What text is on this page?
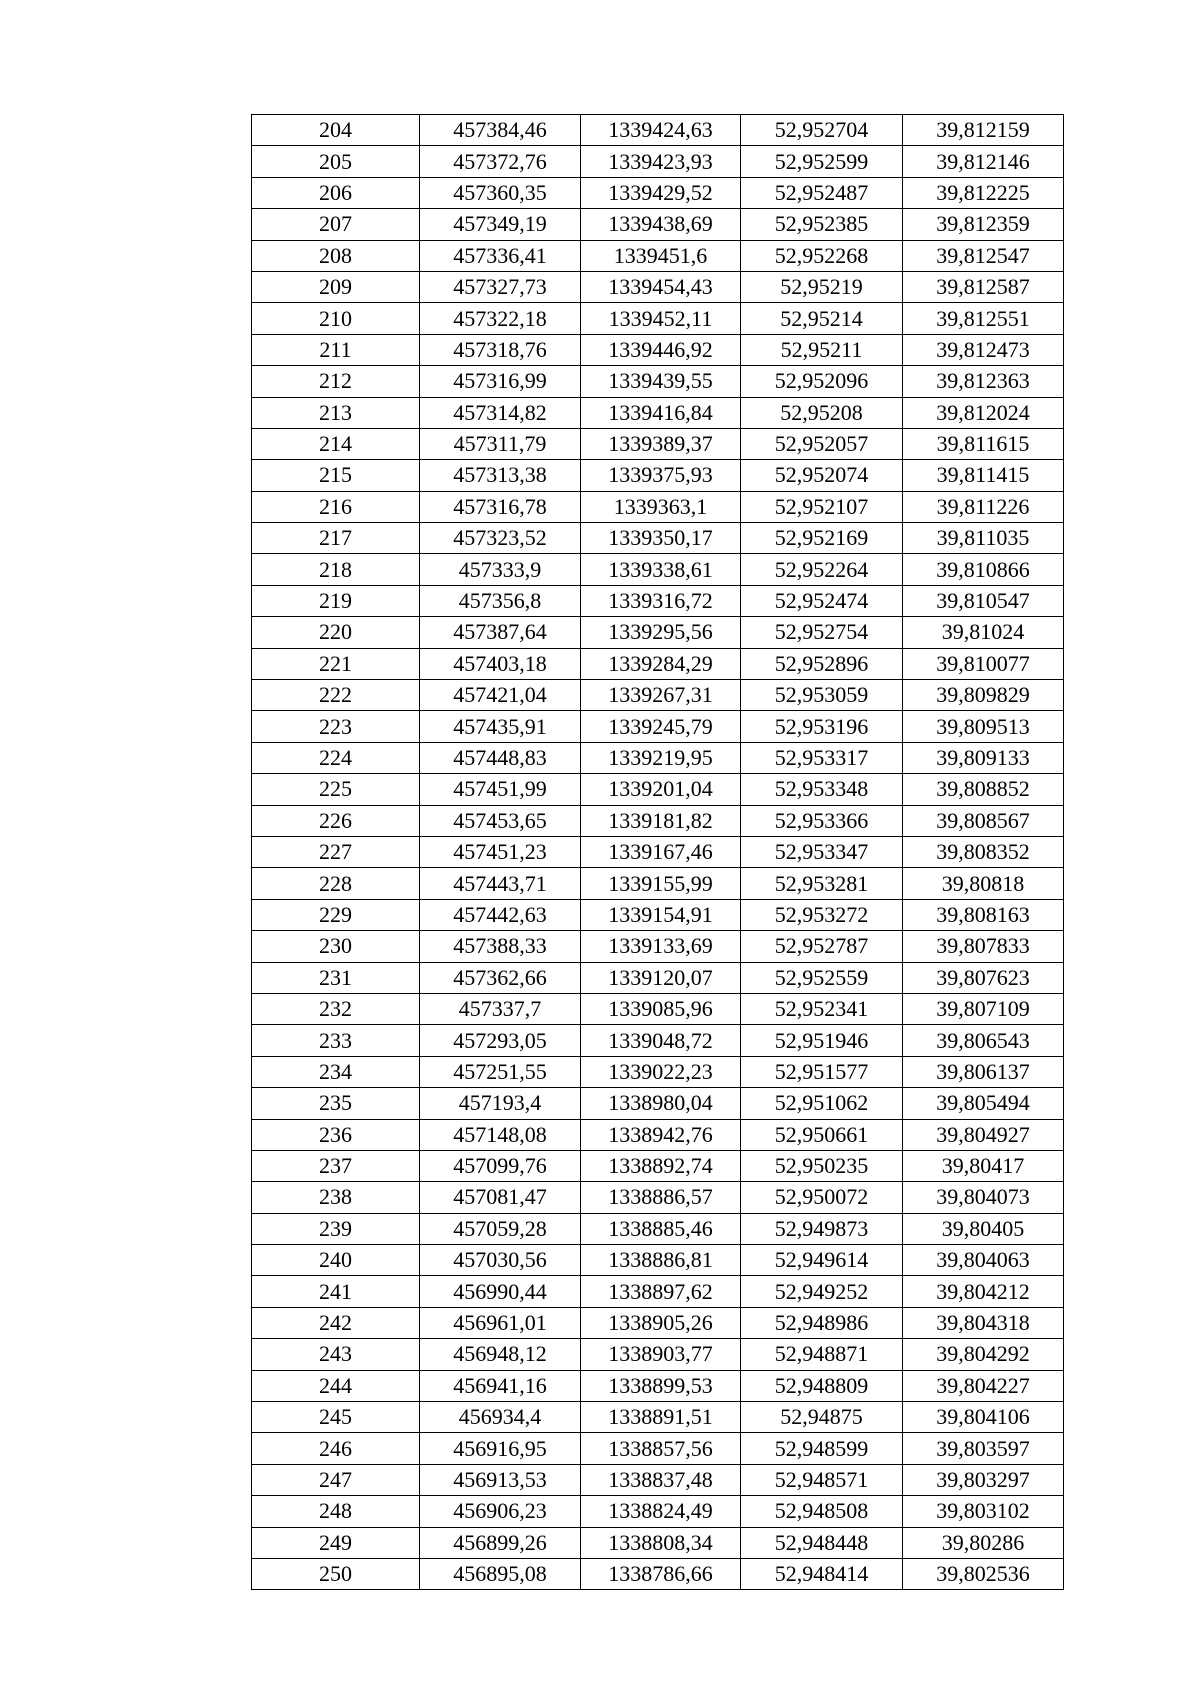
204	457384,46	1339424,63	52,952704	39,812159
205	457372,76	1339423,93	52,952599	39,812146
206	457360,35	1339429,52	52,952487	39,812225
207	457349,19	1339438,69	52,952385	39,812359
208	457336,41	1339451,6	52,952268	39,812547
209	457327,73	1339454,43	52,95219	39,812587
210	457322,18	1339452,11	52,95214	39,812551
211	457318,76	1339446,92	52,95211	39,812473
212	457316,99	1339439,55	52,952096	39,812363
213	457314,82	1339416,84	52,95208	39,812024
214	457311,79	1339389,37	52,952057	39,811615
215	457313,38	1339375,93	52,952074	39,811415
216	457316,78	1339363,1	52,952107	39,811226
217	457323,52	1339350,17	52,952169	39,811035
218	457333,9	1339338,61	52,952264	39,810866
219	457356,8	1339316,72	52,952474	39,810547
220	457387,64	1339295,56	52,952754	39,81024
221	457403,18	1339284,29	52,952896	39,810077
222	457421,04	1339267,31	52,953059	39,809829
223	457435,91	1339245,79	52,953196	39,809513
224	457448,83	1339219,95	52,953317	39,809133
225	457451,99	1339201,04	52,953348	39,808852
226	457453,65	1339181,82	52,953366	39,808567
227	457451,23	1339167,46	52,953347	39,808352
228	457443,71	1339155,99	52,953281	39,80818
229	457442,63	1339154,91	52,953272	39,808163
230	457388,33	1339133,69	52,952787	39,807833
231	457362,66	1339120,07	52,952559	39,807623
232	457337,7	1339085,96	52,952341	39,807109
233	457293,05	1339048,72	52,951946	39,806543
234	457251,55	1339022,23	52,951577	39,806137
235	457193,4	1338980,04	52,951062	39,805494
236	457148,08	1338942,76	52,950661	39,804927
237	457099,76	1338892,74	52,950235	39,80417
238	457081,47	1338886,57	52,950072	39,804073
239	457059,28	1338885,46	52,949873	39,80405
240	457030,56	1338886,81	52,949614	39,804063
241	456990,44	1338897,62	52,949252	39,804212
242	456961,01	1338905,26	52,948986	39,804318
243	456948,12	1338903,77	52,948871	39,804292
244	456941,16	1338899,53	52,948809	39,804227
245	456934,4	1338891,51	52,94875	39,804106
246	456916,95	1338857,56	52,948599	39,803597
247	456913,53	1338837,48	52,948571	39,803297
248	456906,23	1338824,49	52,948508	39,803102
249	456899,26	1338808,34	52,948448	39,80286
250	456895,08	1338786,66	52,948414	39,802536
